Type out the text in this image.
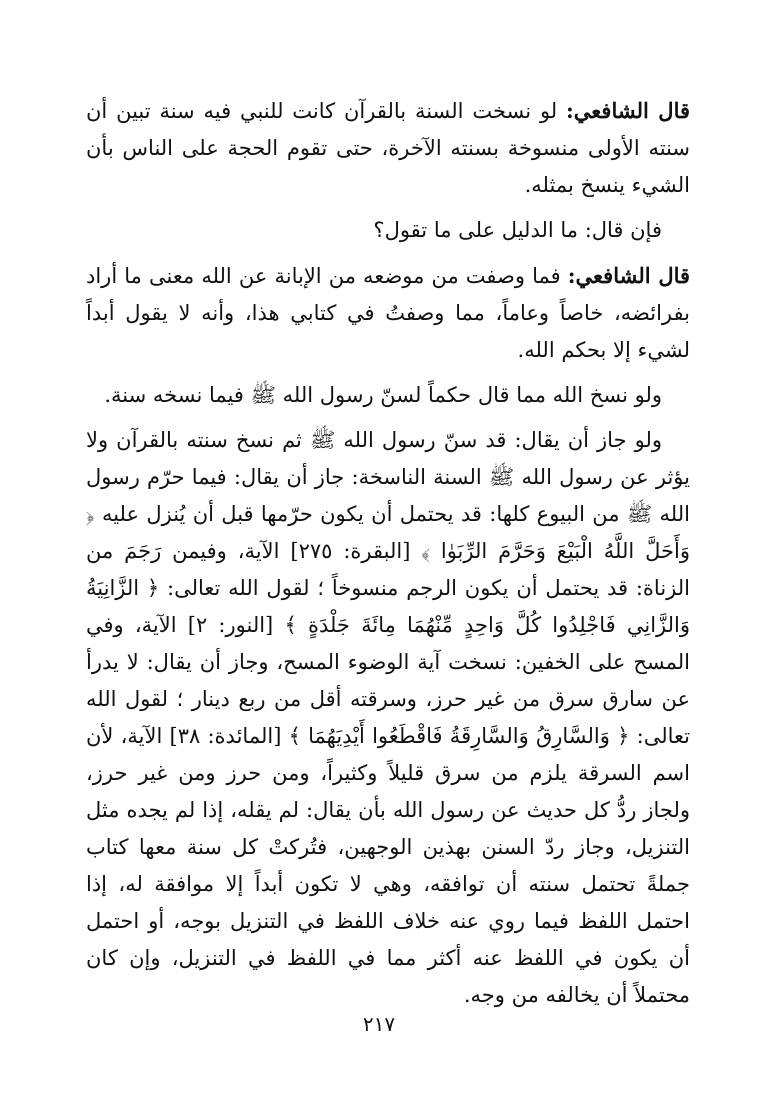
قال الشافعي: لو نسخت السنة بالقرآن كانت للنبي فيه سنة تبين أن سنته الأولى منسوخة بسنته الآخرة، حتى تقوم الحجة على الناس بأن الشيء ينسخ بمثله.

فإن قال: ما الدليل على ما تقول؟

قال الشافعي: فما وصفت من موضعه من الإبانة عن الله معنى ما أراد بفرائضه، خاصاً وعاماً، مما وصفتُ في كتابي هذا، وأنه لا يقول أبداً لشيء إلا بحكم الله.

ولو نسخ الله مما قال حكماً لسنّ رسول الله ﷺ فيما نسخه سنة.

ولو جاز أن يقال: قد سنّ رسول الله ﷺ ثم نسخ سنته بالقرآن ولا يؤثر عن رسول الله ﷺ السنة الناسخة: جاز أن يقال: فيما حرّم رسول الله ﷺ من البيوع كلها: قد يحتمل أن يكون حرّمها قبل أن يُنزل عليه ﴿ وَأَحَلَّ اللَّهُ الْبَيْعَ وَحَرَّمَ الرِّبَوٰا ﴾ [البقرة: ٢٧٥] الآية، وفيمن رَجَمَ من الزناة: قد يحتمل أن يكون الرجم منسوخاً ؛ لقول الله تعالى: ﴿ الزَّانِيَةُ وَالزَّانِي فَاجْلِدُوا كُلَّ وَاحِدٍ مِّنْهُمَا مِائَةَ جَلْدَةٍ ﴾ [النور: ٢] الآية، وفي المسح على الخفين: نسخت آية الوضوء المسح، وجاز أن يقال: لا يدرأ عن سارق سرق من غير حرز، وسرقته أقل من ربع دينار ؛ لقول الله تعالى: ﴿ وَالسَّارِقُ وَالسَّارِقَةُ فَاقْطَعُوا أَيْدِيَهُمَا ﴾ [المائدة: ٣٨] الآية، لأن اسم السرقة يلزم من سرق قليلاً وكثيراً، ومن حرز ومن غير حرز، ولجاز ردُّ كل حديث عن رسول الله بأن يقال: لم يقله، إذا لم يجده مثل التنزيل، وجاز ردّ السنن بهذين الوجهين، فتُركتْ كل سنة معها كتاب جملةً تحتمل سنته أن توافقه، وهي لا تكون أبداً إلا موافقة له، إذا احتمل اللفظ فيما روي عنه خلاف اللفظ في التنزيل بوجه، أو احتمل أن يكون في اللفظ عنه أكثر مما في اللفظ في التنزيل، وإن كان محتملاً أن يخالفه من وجه.

٢١٧
